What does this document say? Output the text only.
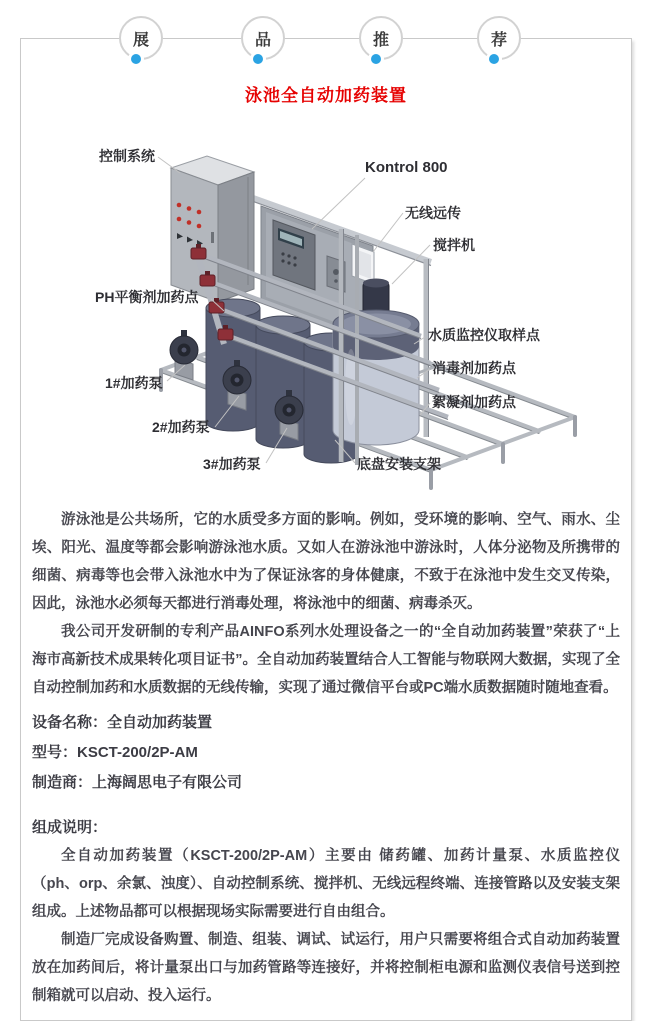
展	品	推	荐
泳池全自动加药装置
控制系统
Kontrol 800
无线远传
搅拌机
PH平衡剂加药点
水质监控仪取样点
消毒剂加药点
1#加药泵
絮凝剂加药点
2#加药泵
3#加药泵	底盘安装支架

游泳池是公共场所，它的水质受多方面的影响。例如，受环境的影响、空气、雨水、尘埃、阳光、温度等都会影响游泳池水质。又如人在游泳池中游泳时，人体分泌物及所携带的细菌、病毒等也会带入泳池水中为了保证泳客的身体健康，不致于在泳池中发生交叉传染，因此，泳池水必须每天都进行消毒处理，将泳池中的细菌、病毒杀灭。

我公司开发研制的专利产品AINFO系列水处理设备之一的“全自动加药装置”荣获了“上海市高新技术成果转化项目证书”。全自动加药装置结合人工智能与物联网大数据，实现了全自动控制加药和水质数据的无线传输，实现了通过微信平台或PC端水质数据随时随地查看。

设备名称：全自动加药装置
型号：KSCT-200/2P-AM
制造商：上海阔思电子有限公司
组成说明：

全自动加药装置（KSCT-200/2P-AM）主要由 储药罐、加药计量泵、水质监控仪（ph、orp、余氯、浊度）、自动控制系统、搅拌机、无线远程终端、连接管路以及安装支架组成。上述物品都可以根据现场实际需要进行自由组合。

制造厂完成设备购置、制造、组装、调试、试运行，用户只需要将组合式自动加药装置放在加药间后，将计量泵出口与加药管路等连接好，并将控制柜电源和监测仪表信号送到控制箱就可以启动、投入运行。
